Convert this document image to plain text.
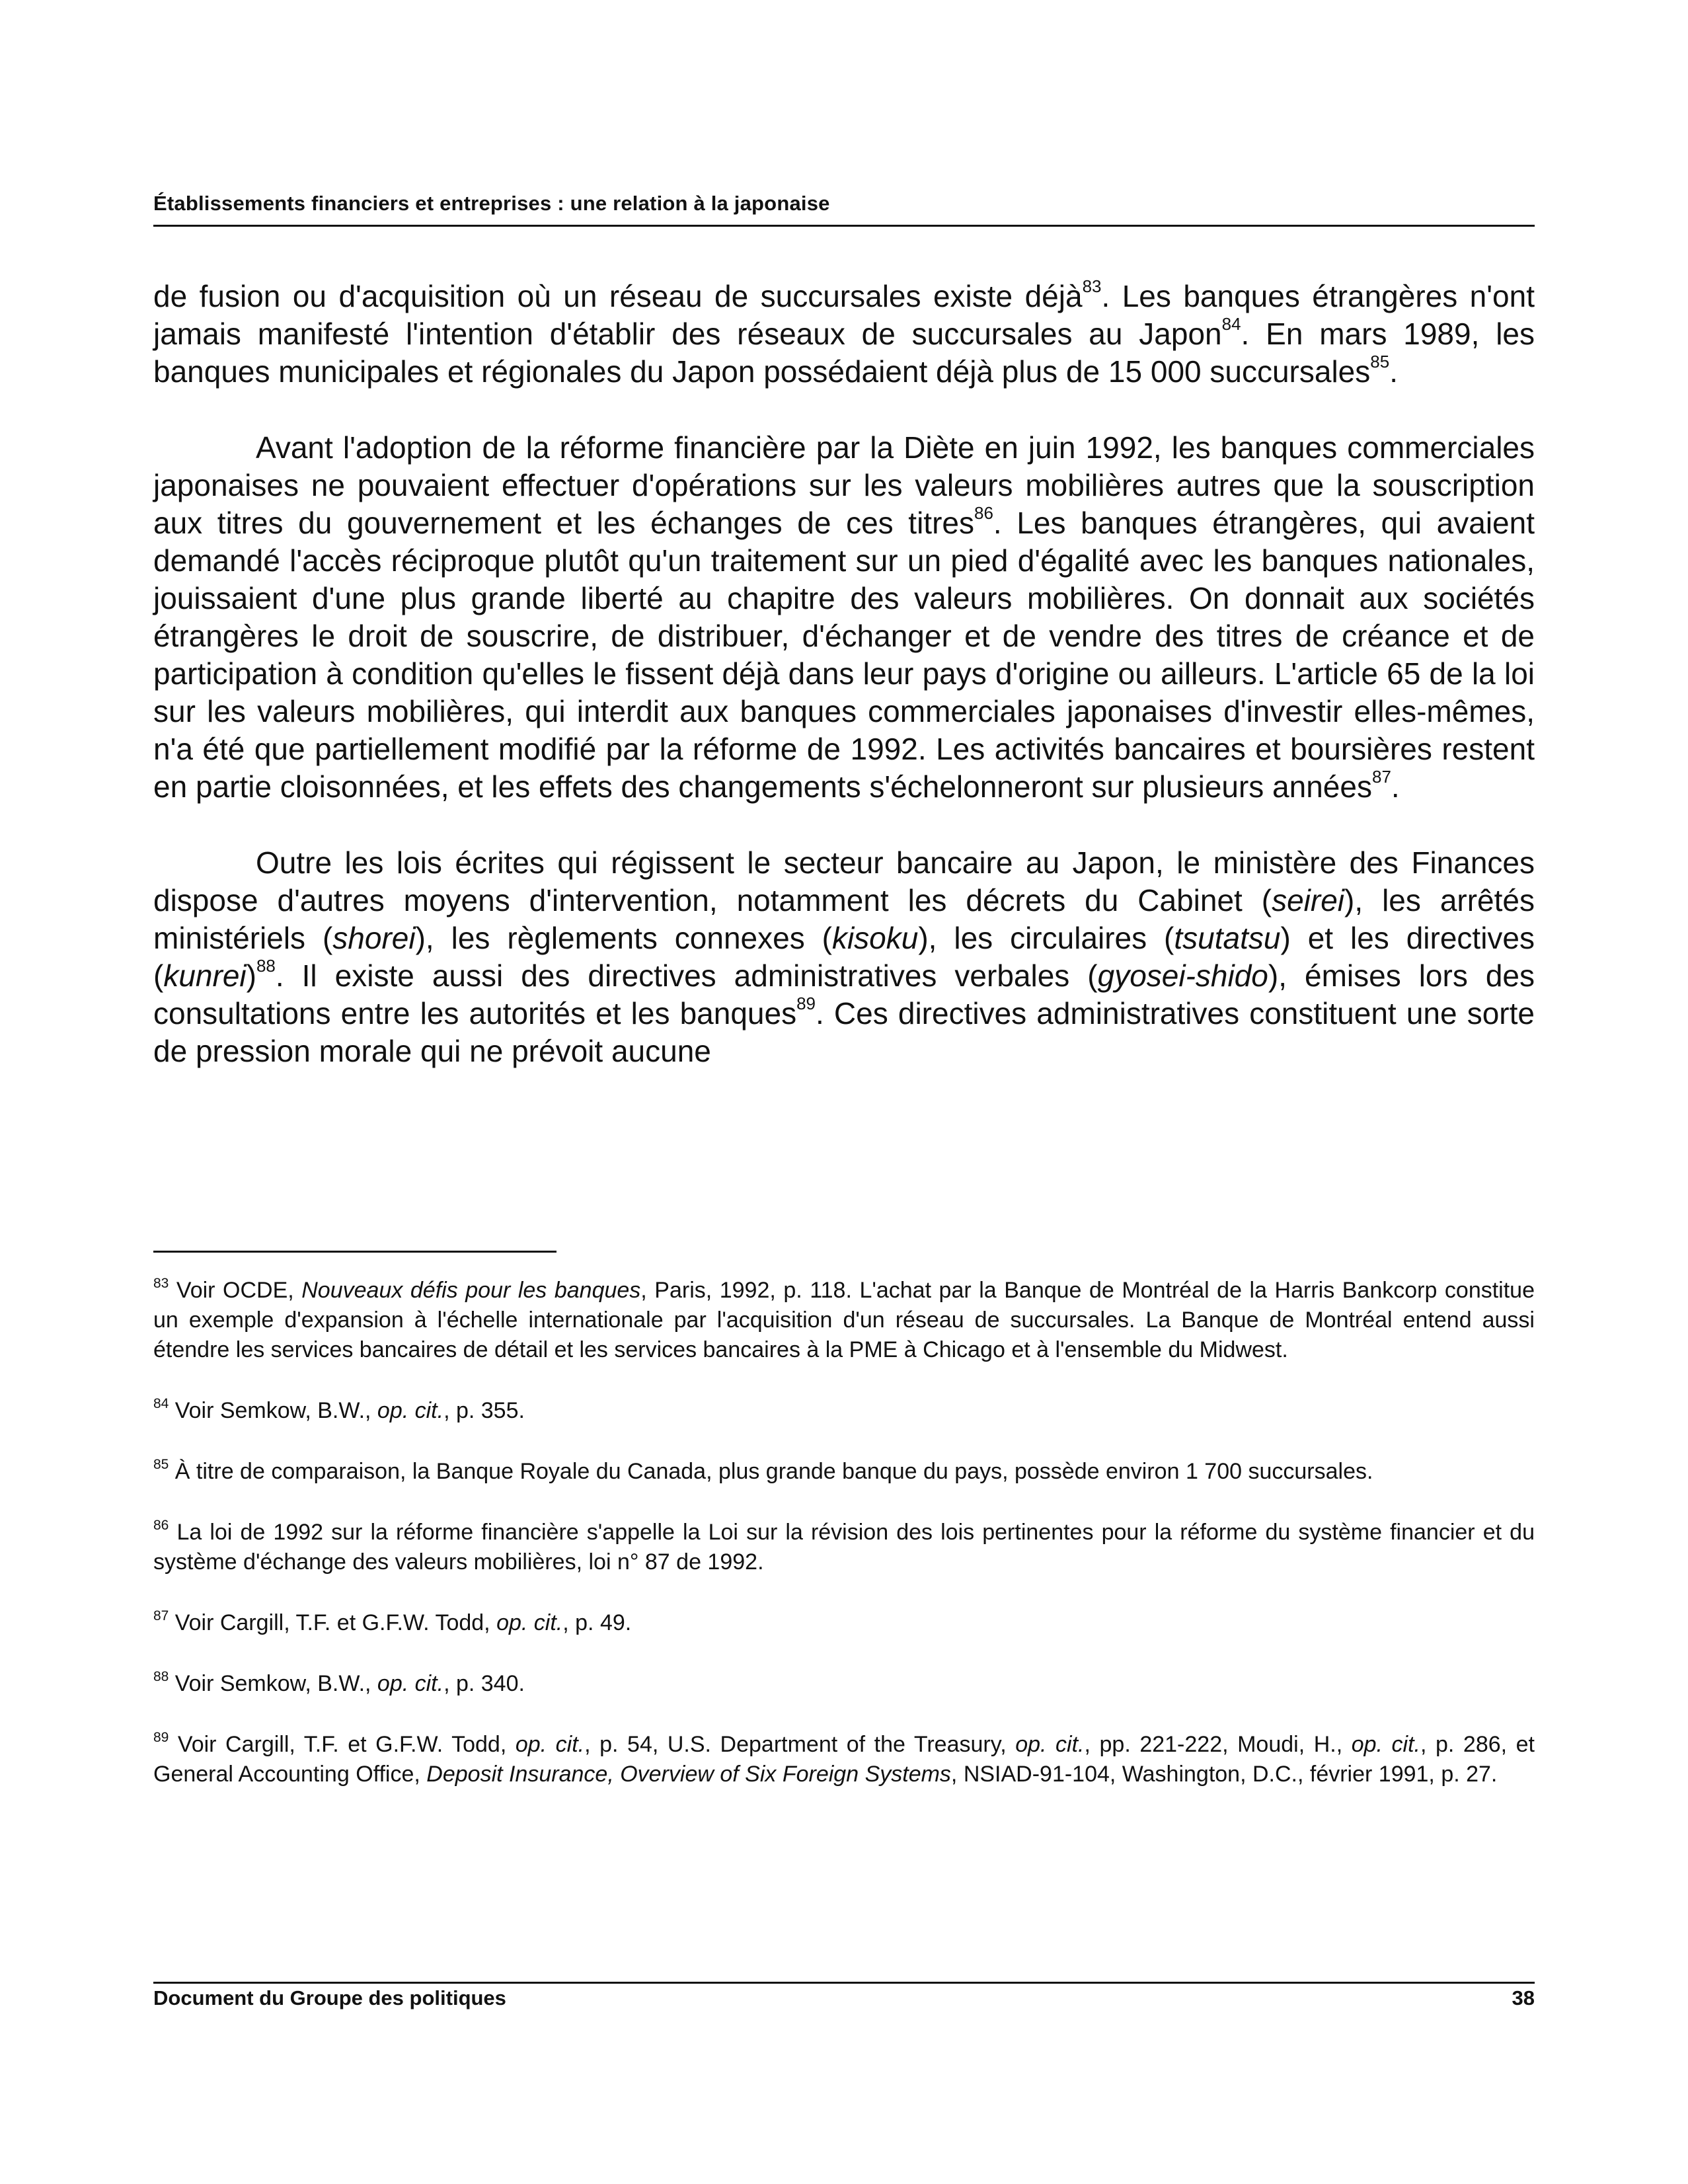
Établissements financiers et entreprises : une relation à la japonaise

de fusion ou d'acquisition où un réseau de succursales existe déjà$^{83}$. Les banques étrangères n'ont jamais manifesté l'intention d'établir des réseaux de succursales au Japon$^{84}$. En mars 1989, les banques municipales et régionales du Japon possédaient déjà plus de 15 000 succursales$^{85}$.

Avant l'adoption de la réforme financière par la Diète en juin 1992, les banques commerciales japonaises ne pouvaient effectuer d'opérations sur les valeurs mobilières autres que la souscription aux titres du gouvernement et les échanges de ces titres$^{86}$. Les banques étrangères, qui avaient demandé l'accès réciproque plutôt qu'un traitement sur un pied d'égalité avec les banques nationales, jouissaient d'une plus grande liberté au chapitre des valeurs mobilières. On donnait aux sociétés étrangères le droit de souscrire, de distribuer, d'échanger et de vendre des titres de créance et de participation à condition qu'elles le fissent déjà dans leur pays d'origine ou ailleurs. L'article 65 de la loi sur les valeurs mobilières, qui interdit aux banques commerciales japonaises d'investir elles-mêmes, n'a été que partiellement modifié par la réforme de 1992. Les activités bancaires et boursières restent en partie cloisonnées, et les effets des changements s'échelonneront sur plusieurs années$^{87}$.

Outre les lois écrites qui régissent le secteur bancaire au Japon, le ministère des Finances dispose d'autres moyens d'intervention, notamment les décrets du Cabinet (seirei), les arrêtés ministériels (shorei), les règlements connexes (kisoku), les circulaires (tsutatsu) et les directives (kunrei)$^{88}$. Il existe aussi des directives administratives verbales (gyosei-shido), émises lors des consultations entre les autorités et les banques$^{89}$. Ces directives administratives constituent une sorte de pression morale qui ne prévoit aucune

$^{83}$ Voir OCDE, Nouveaux défis pour les banques, Paris, 1992, p. 118. L'achat par la Banque de Montréal de la Harris Bankcorp constitue un exemple d'expansion à l'échelle internationale par l'acquisition d'un réseau de succursales. La Banque de Montréal entend aussi étendre les services bancaires de détail et les services bancaires à la PME à Chicago et à l'ensemble du Midwest.

$^{84}$ Voir Semkow, B.W., op. cit., p. 355.

$^{85}$ À titre de comparaison, la Banque Royale du Canada, plus grande banque du pays, possède environ 1 700 succursales.

$^{86}$ La loi de 1992 sur la réforme financière s'appelle la Loi sur la révision des lois pertinentes pour la réforme du système financier et du système d'échange des valeurs mobilières, loi n° 87 de 1992.

$^{87}$ Voir Cargill, T.F. et G.F.W. Todd, op. cit., p. 49.

$^{88}$ Voir Semkow, B.W., op. cit., p. 340.

$^{89}$ Voir Cargill, T.F. et G.F.W. Todd, op. cit., p. 54, U.S. Department of the Treasury, op. cit., pp. 221-222, Moudi, H., op. cit., p. 286, et General Accounting Office, Deposit Insurance, Overview of Six Foreign Systems, NSIAD-91-104, Washington, D.C., février 1991, p. 27.

Document du Groupe des politiques	38
